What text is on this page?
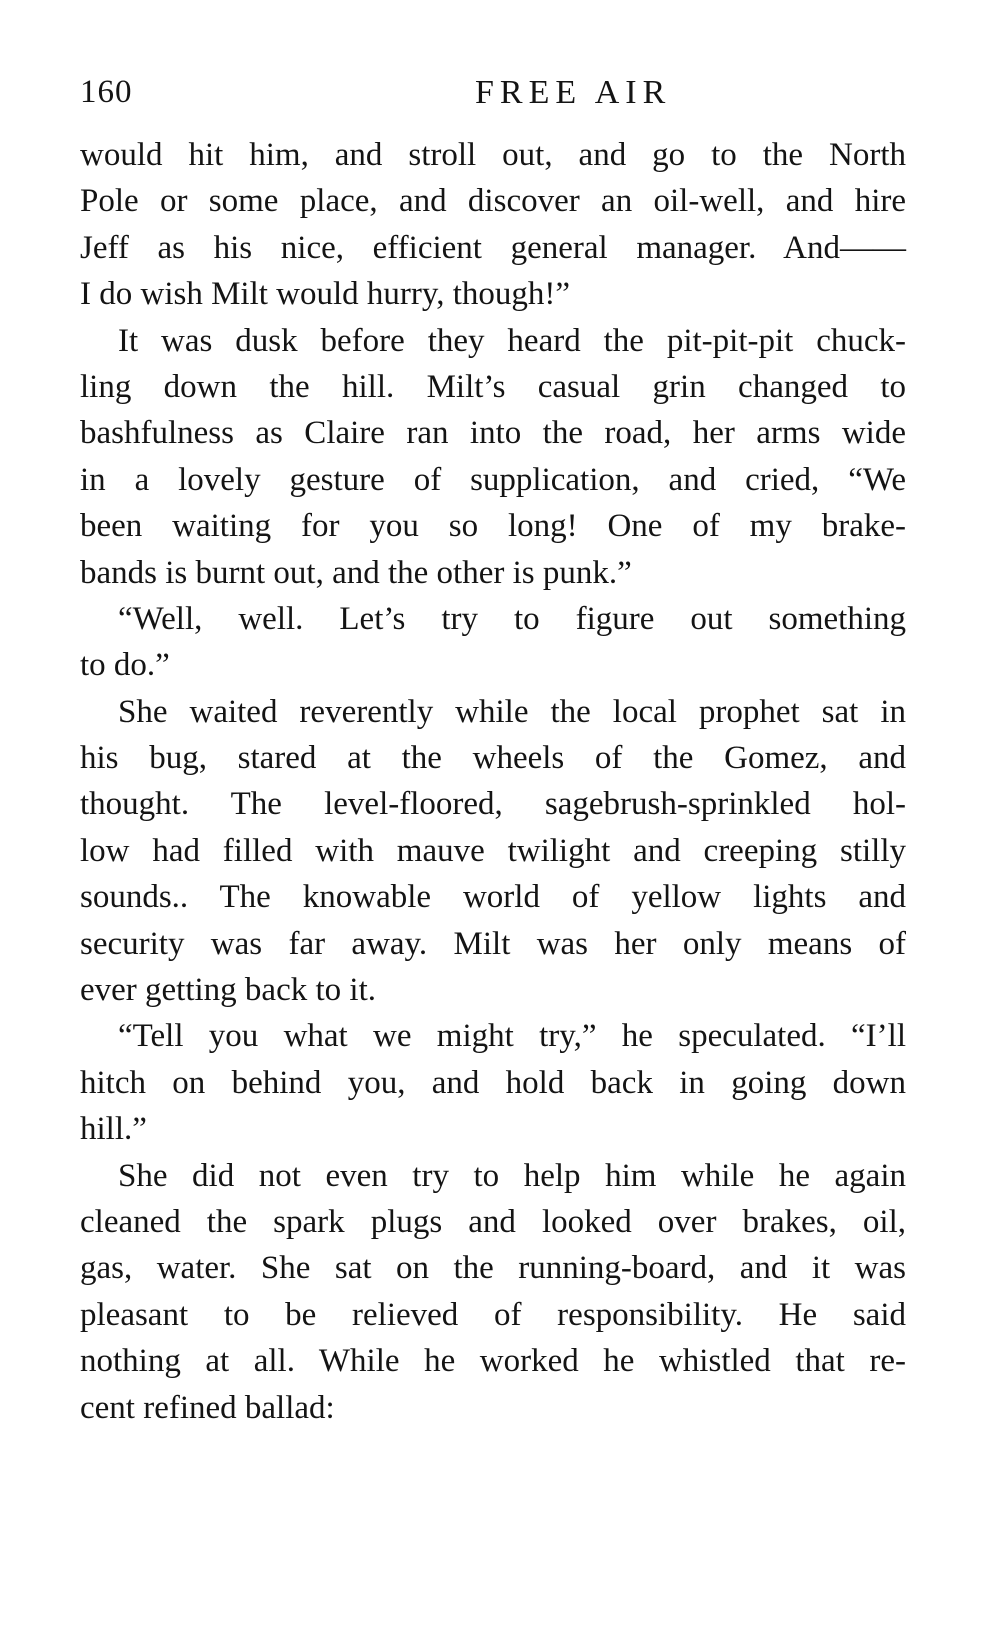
160	FREE AIR
would hit him, and stroll out, and go to the North
Pole or some place, and discover an oil-well, and hire
Jeff as his nice, efficient general manager. And——
I do wish Milt would hurry, though!”
It was dusk before they heard the pit-pit-pit chuck-
ling down the hill. Milt’s casual grin changed to
bashfulness as Claire ran into the road, her arms wide
in a lovely gesture of supplication, and cried, “We
been waiting for you so long! One of my brake-
bands is burnt out, and the other is punk.”
“Well, well. Let’s try to figure out something
to do.”
She waited reverently while the local prophet sat in
his bug, stared at the wheels of the Gomez, and
thought. The level-floored, sagebrush-sprinkled hol-
low had filled with mauve twilight and creeping stilly
sounds.. The knowable world of yellow lights and
security was far away. Milt was her only means of
ever getting back to it.
“Tell you what we might try,” he speculated. “I’ll
hitch on behind you, and hold back in going down
hill.”
She did not even try to help him while he again
cleaned the spark plugs and looked over brakes, oil,
gas, water. She sat on the running-board, and it was
pleasant to be relieved of responsibility. He said
nothing at all. While he worked he whistled that re-
cent refined ballad:
